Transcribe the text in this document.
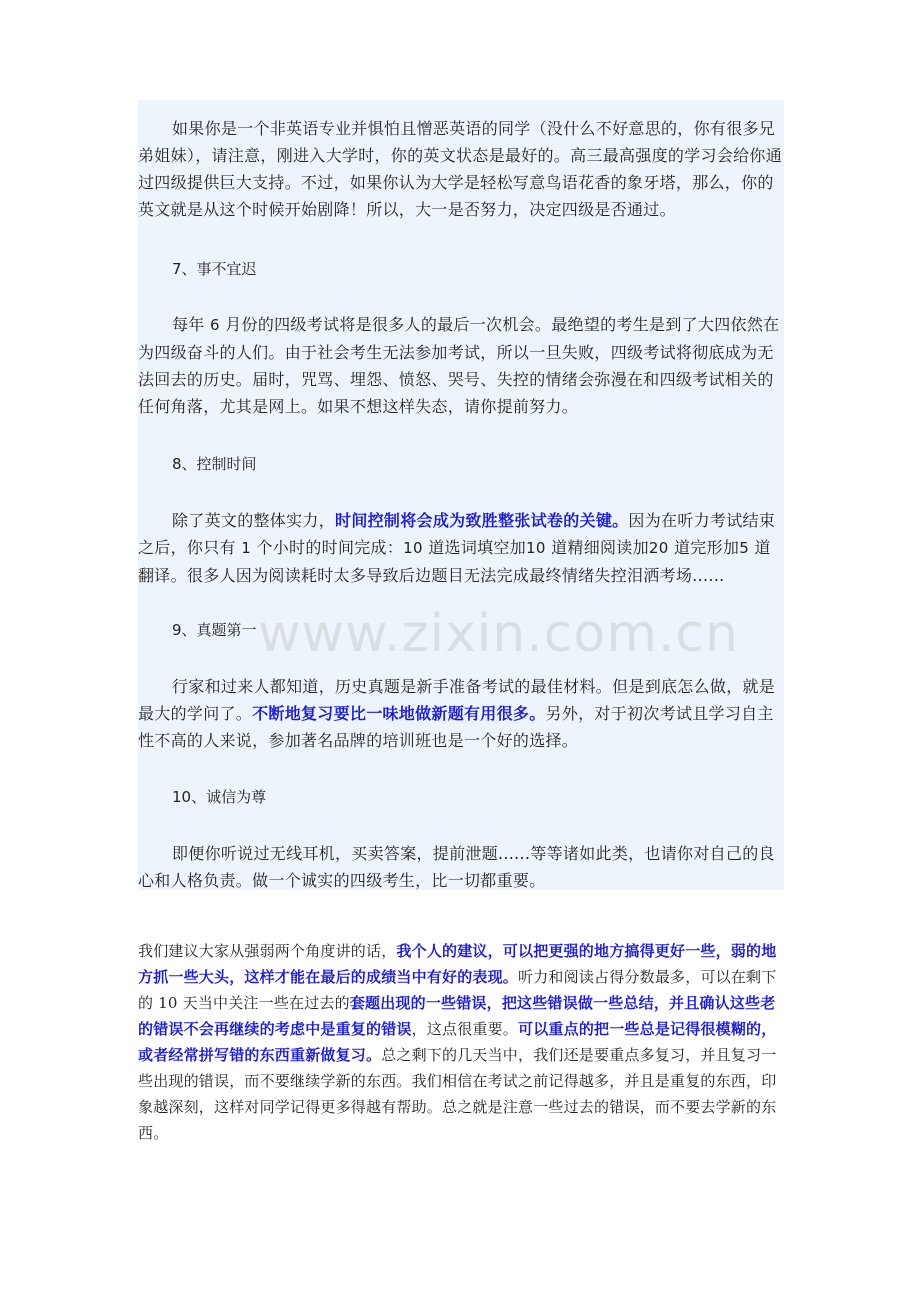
如果你是一个非英语专业并惧怕且憎恶英语的同学（没什么不好意思的，你有很多兄弟姐妹），请注意，刚进入大学时，你的英文状态是最好的。高三最高强度的学习会给你通过四级提供巨大支持。不过，如果你认为大学是轻松写意鸟语花香的象牙塔，那么，你的英文就是从这个时候开始剧降！所以，大一是否努力，决定四级是否通过。

7、事不宜迟

每年 6 月份的四级考试将是很多人的最后一次机会。最绝望的考生是到了大四依然在为四级奋斗的人们。由于社会考生无法参加考试，所以一旦失败，四级考试将彻底成为无法回去的历史。届时，咒骂、埋怨、愤怒、哭号、失控的情绪会弥漫在和四级考试相关的任何角落，尤其是网上。如果不想这样失态，请你提前努力。

8、控制时间

除了英文的整体实力，时间控制将会成为致胜整张试卷的关键。因为在听力考试结束之后，你只有 1 个小时的时间完成：10 道选词填空加10 道精细阅读加20 道完形加5 道翻译。很多人因为阅读耗时太多导致后边题目无法完成最终情绪失控泪洒考场......

9、真题第一

行家和过来人都知道，历史真题是新手准备考试的最佳材料。但是到底怎么做，就是最大的学问了。不断地复习要比一味地做新题有用很多。另外，对于初次考试且学习自主性不高的人来说，参加著名品牌的培训班也是一个好的选择。

10、诚信为尊

即便你听说过无线耳机，买卖答案，提前泄题......等等诸如此类，也请你对自己的良心和人格负责。做一个诚实的四级考生，比一切都重要。

我们建议大家从强弱两个角度讲的话，我个人的建议，可以把更强的地方搞得更好一些，弱的地方抓一些大头，这样才能在最后的成绩当中有好的表现。听力和阅读占得分数最多，可以在剩下的 10 天当中关注一些在过去的套题出现的一些错误，把这些错误做一些总结，并且确认这些老的错误不会再继续的考虑中是重复的错误，这点很重要。可以重点的把一些总是记得很模糊的，或者经常拼写错的东西重新做复习。总之剩下的几天当中，我们还是要重点多复习，并且复习一些出现的错误，而不要继续学新的东西。我们相信在考试之前记得越多，并且是重复的东西，印象越深刻，这样对同学记得更多得越有帮助。总之就是注意一些过去的错误，而不要去学新的东西。
